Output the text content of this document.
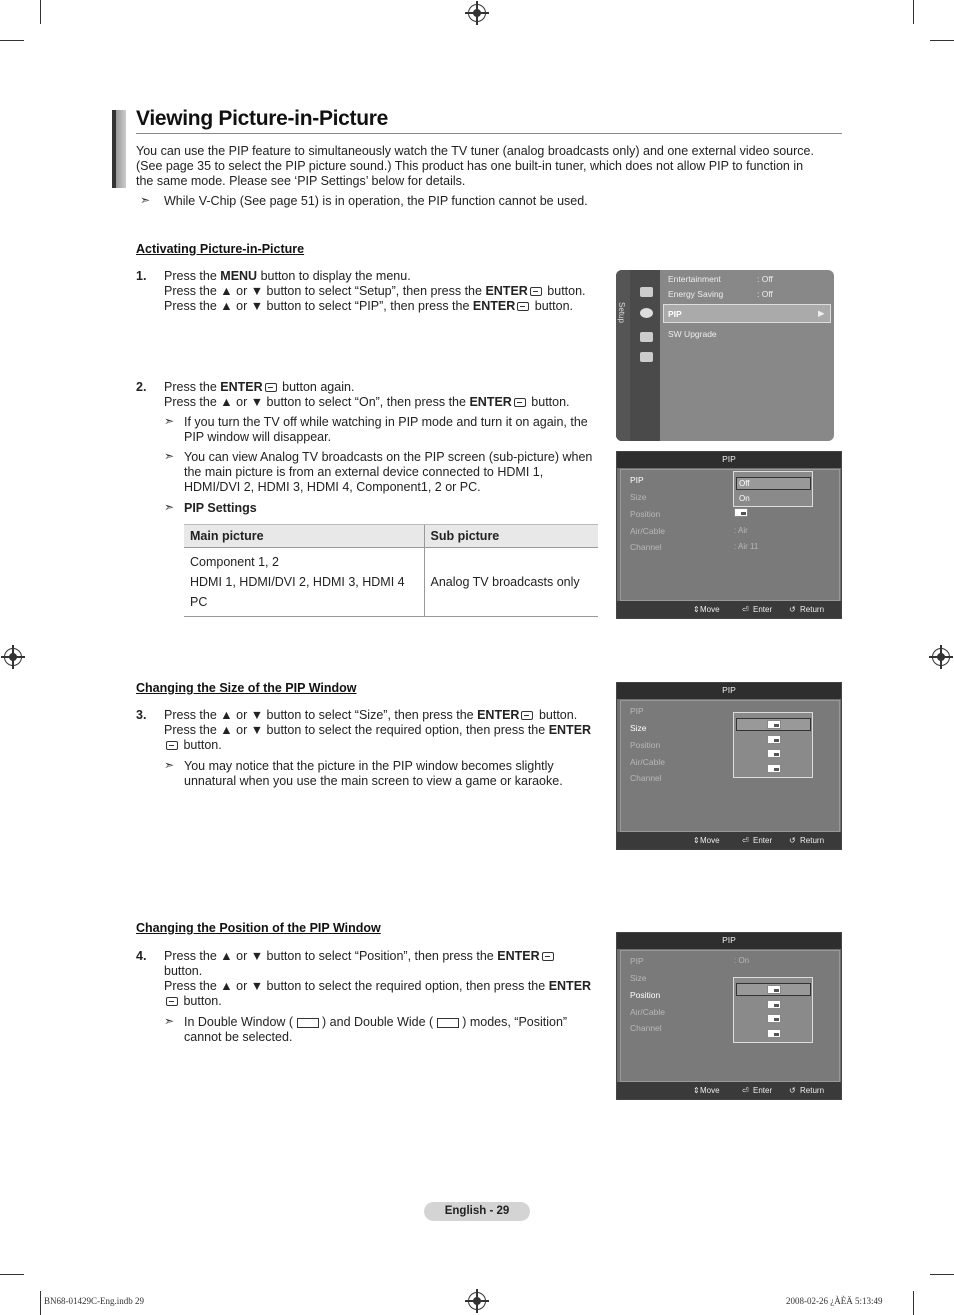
Viewing Picture-in-Picture
You can use the PIP feature to simultaneously watch the TV tuner (analog broadcasts only) and one external video source.
(See page 35 to select the PIP picture sound.) This product has one built-in tuner, which does not allow PIP to function in
the same mode. Please see ‘PIP Settings’ below for details.
➣ While V-Chip (See page 51) is in operation, the PIP function cannot be used.
Activating Picture-in-Picture
1. Press the MENU button to display the menu.
Press the ▲ or ▼ button to select “Setup”, then press the ENTER button.
Press the ▲ or ▼ button to select “PIP”, then press the ENTER button.
2. Press the ENTER button again.
Press the ▲ or ▼ button to select “On”, then press the ENTER button.
➣ If you turn the TV off while watching in PIP mode and turn it on again, the
PIP window will disappear.
➣ You can view Analog TV broadcasts on the PIP screen (sub-picture) when
the main picture is from an external device connected to HDMI 1,
HDMI/DVI 2, HDMI 3, HDMI 4, Component1, 2 or PC.
➣ PIP Settings
Main picture	Sub picture

Component 1, 2
HDMI 1, HDMI/DVI 2, HDMI 3, HDMI 4
PC	Analog TV broadcasts only
Setup
Entertainment	: Off
Energy Saving	: Off
PIP	▶
SW Upgrade
PIP
PIP
Size
Position
Air/Cable
Channel
: Air
: Air 11
Off
On
⇕ Move	⏎ Enter ↺ Return
Changing the Size of the PIP Window
3. Press the ▲ or ▼ button to select “Size”, then press the ENTER button.
Press the ▲ or ▼ button to select the required option, then press the ENTER
button.
➣ You may notice that the picture in the PIP window becomes slightly
unnatural when you use the main screen to view a game or karaoke.
PIP
PIP
Size
Position
Air/Cable
Channel
⇕ Move	⏎ Enter ↺ Return
Changing the Position of the PIP Window
4. Press the ▲ or ▼ button to select “Position”, then press the ENTER
button.
Press the ▲ or ▼ button to select the required option, then press the ENTER
button.
➣ In Double Window ( ) and Double Wide ( ) modes, “Position”
cannot be selected.
PIP
PIP	: On
Size
Position
Air/Cable
Channel
⇕ Move	⏎ Enter ↺ Return
English - 29
BN68-01429C-Eng.indb 29	2008-02-26 ¿ÀÈÄ 5:13:49
